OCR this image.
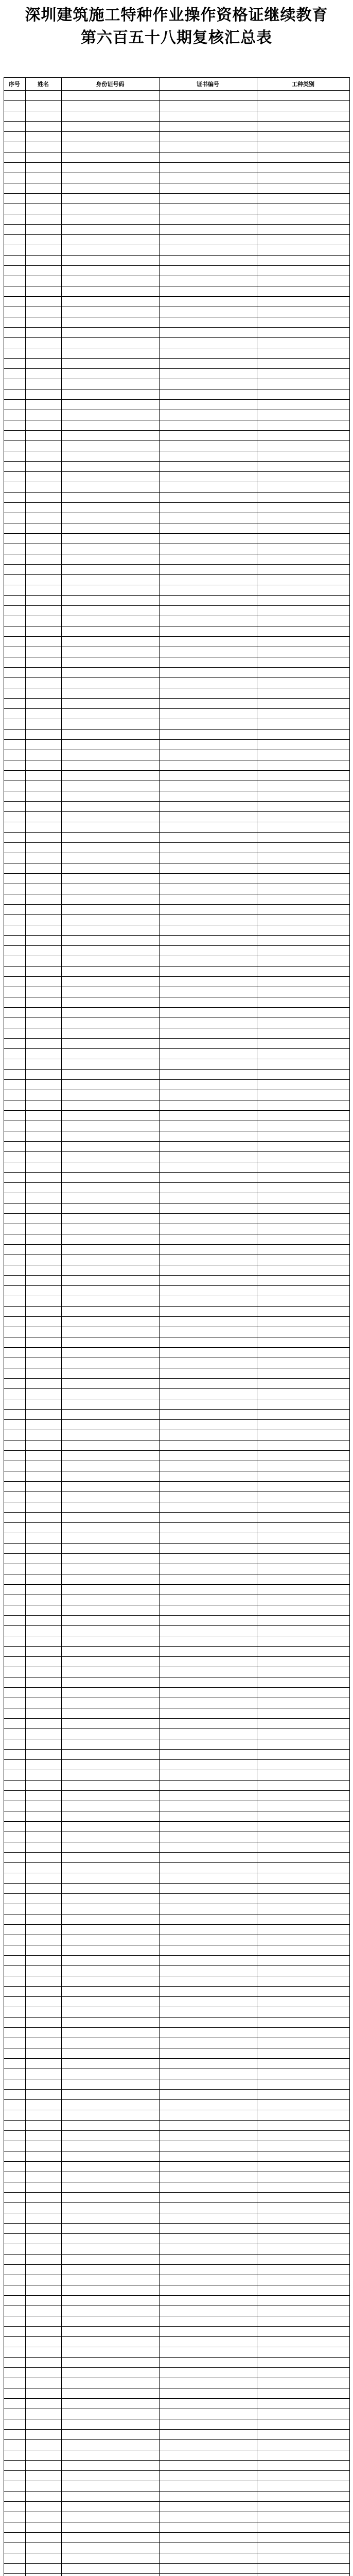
深圳建筑施工特种作业操作资格证继续教育
第六百五十八期复核汇总表
序号	姓名	身份证号码	证书编号	工种类别
